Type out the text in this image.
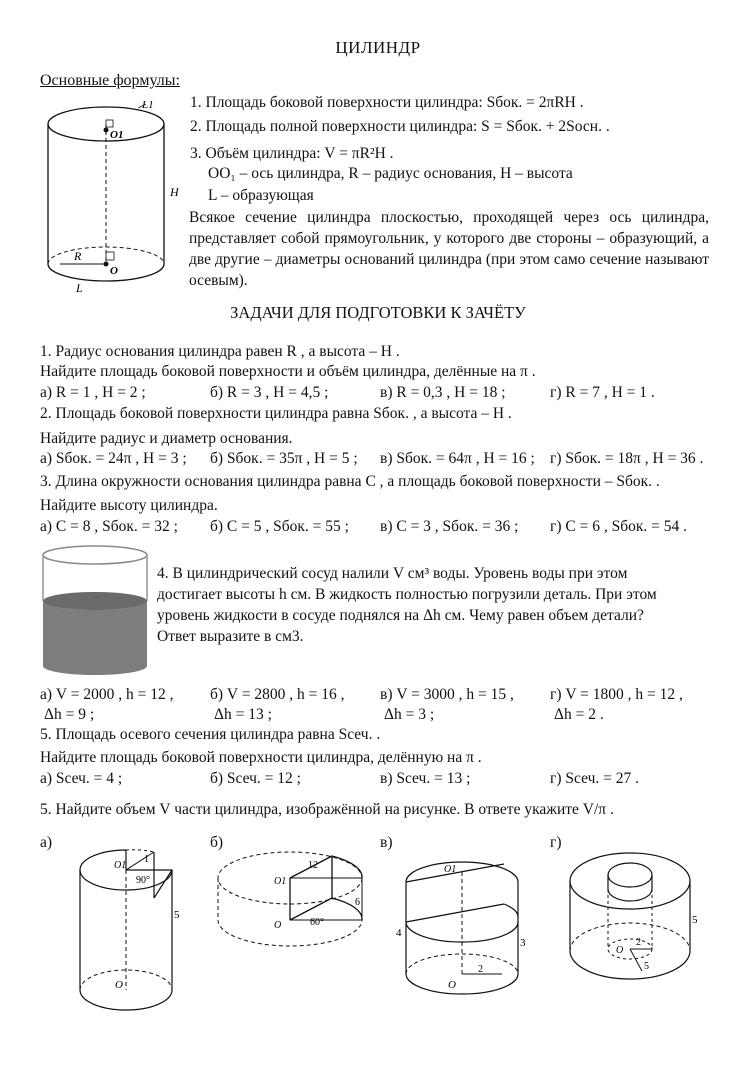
ЦИЛИНДР
Основные формулы:
L1
O1
H
R
O
L
1. Площадь боковой поверхности цилиндра: Sбок. = 2πRH .
2. Площадь полной поверхности цилиндра: S = Sбок. + 2Sосн. .
3. Объём цилиндра: V = πR²H .
OO₁ – ось цилиндра, R – радиус основания, H – высота
L – образующая
Всякое сечение цилиндра плоскостью, проходящей через ось цилиндра, представляет собой прямоугольник, у которого две стороны – образующий, а две другие – диаметры оснований цилиндра (при этом само сечение называют осевым).
ЗАДАЧИ ДЛЯ ПОДГОТОВКИ К ЗАЧЁТУ
1. Радиус основания цилиндра равен R , а высота – H .
Найдите площадь боковой поверхности и объём цилиндра, делённые на π .
а) R = 1 , H = 2 ;	б) R = 3 , H = 4,5 ;	в) R = 0,3 , H = 18 ;	г) R = 7 , H = 1 .
2. Площадь боковой поверхности цилиндра равна Sбок. , а высота – H .
Найдите радиус и диаметр основания.
а) Sбок. = 24π , H = 3 ; б) Sбок. = 35π , H = 5 ; в) Sбок. = 64π , H = 16 ; г) Sбок. = 18π , H = 36 .
3. Длина окружности основания цилиндра равна C , а площадь боковой поверхности – Sбок. .
Найдите высоту цилиндра.
а) C = 8 , Sбок. = 32 ; б) C = 5 , Sбок. = 55 ; в) C = 3 , Sбок. = 36 ; г) C = 6 , Sбок. = 54 .
4. В цилиндрический сосуд налили V см³ воды. Уровень воды при этом достигает высоты h см. В жидкость полностью погрузили деталь. При этом уровень жидкости в сосуде поднялся на Δh см. Чему равен объем детали? Ответ выразите в см3.
а) V = 2000 , h = 12 ,
Δh = 9 ;
б) V = 2800 , h = 16 ,
Δh = 13 ;
в) V = 3000 , h = 15 ,
Δh = 3 ;
г) V = 1800 , h = 12 ,
Δh = 2 .
5. Площадь осевого сечения цилиндра равна Sсеч. .
Найдите площадь боковой поверхности цилиндра, делённую на π .
а) Sсеч. = 4 ;	б) Sсеч. = 12 ;	в) Sсеч. = 13 ;	г) Sсеч. = 27 .
5. Найдите объем V части цилиндра, изображённой на рисунке. В ответе укажите V/π .
а)	б)	в)	г)
O1
1
90°
5
O
O1
12
6
60°
O
O1
4
3
2
O
O
2
5
5
